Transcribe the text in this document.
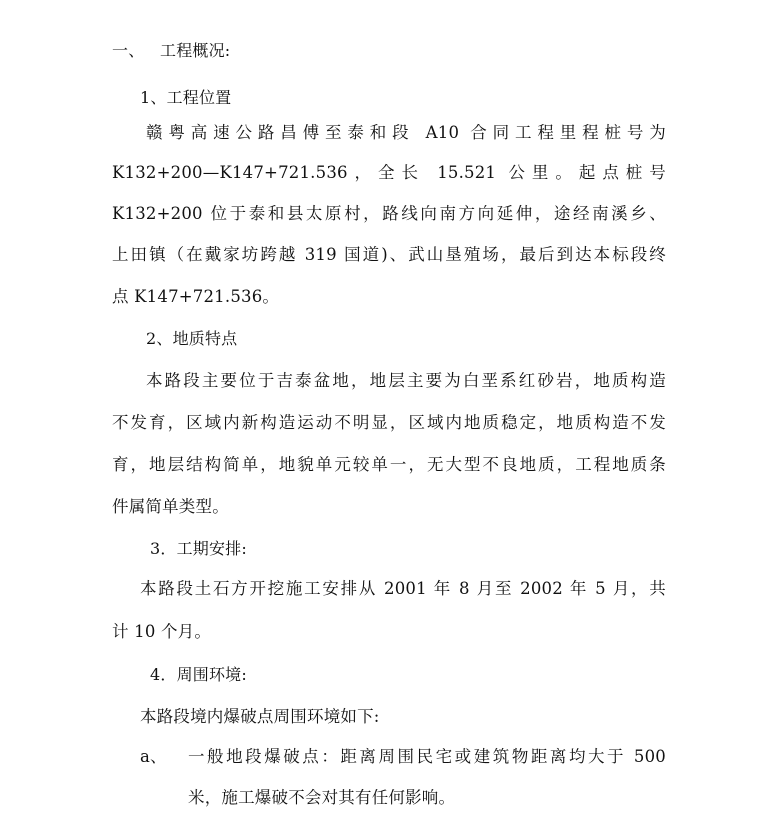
一、 工程概况:
1、工程位置
赣粤高速公路昌傅至泰和段 A10 合同工程里程桩号为
K132+200—K147+721.536，全长 15.521 公里。起点桩号
K132+200 位于泰和县太原村，路线向南方向延伸，途经南溪乡、
上田镇（在戴家坊跨越 319 国道)、武山垦殖场，最后到达本标段终
点 K147+721.536。
2、地质特点
本路段主要位于吉泰盆地，地层主要为白垩系红砂岩，地质构造
不发育，区域内新构造运动不明显，区域内地质稳定，地质构造不发
育，地层结构简单，地貌单元较单一，无大型不良地质，工程地质条
件属简单类型。
3．工期安排:
本路段土石方开挖施工安排从 2001 年 8 月至 2002 年 5 月，共
计 10 个月。
4．周围环境:
本路段境内爆破点周围环境如下:
a、 一般地段爆破点：距离周围民宅或建筑物距离均大于 500
米，施工爆破不会对其有任何影响。
